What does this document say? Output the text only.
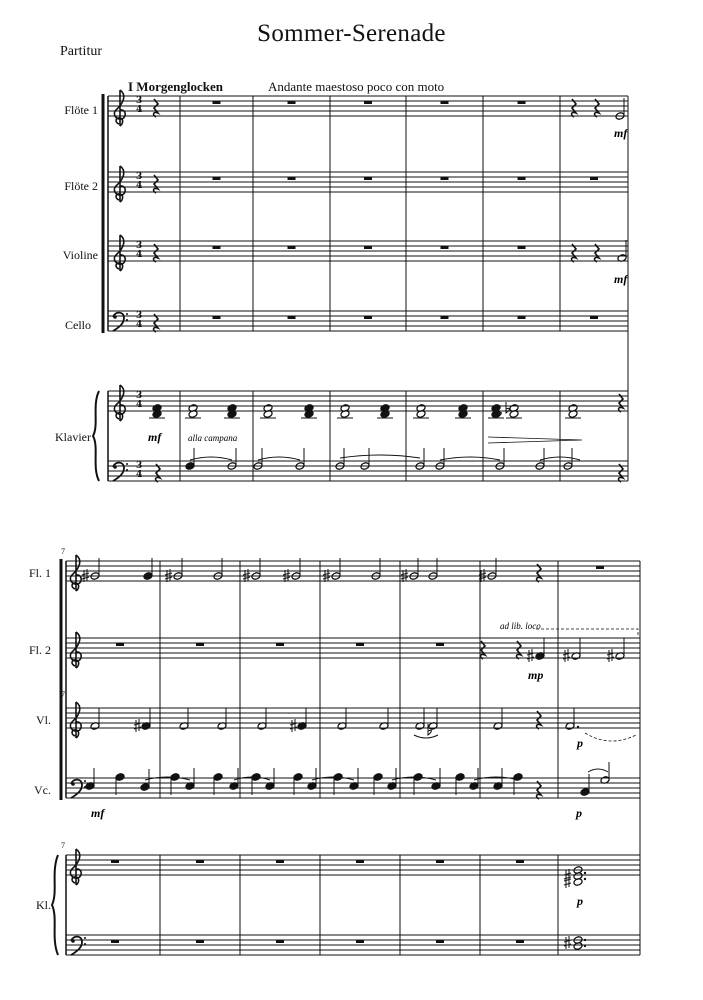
Sommer-Serenade
Partitur
I Morgenglocken	Andante maestoso poco con moto
Flöte 1
Flöte 2
Violine
Cello
Klavier
Fl. 1
Fl. 2
Vl.
Vc.
Kl.
3
4
3
4
3
4
3
4
3
4
3
4
mf
mf
mf	alla campana
mp
p
mf	p
p
ad lib. loco
7
7
7
